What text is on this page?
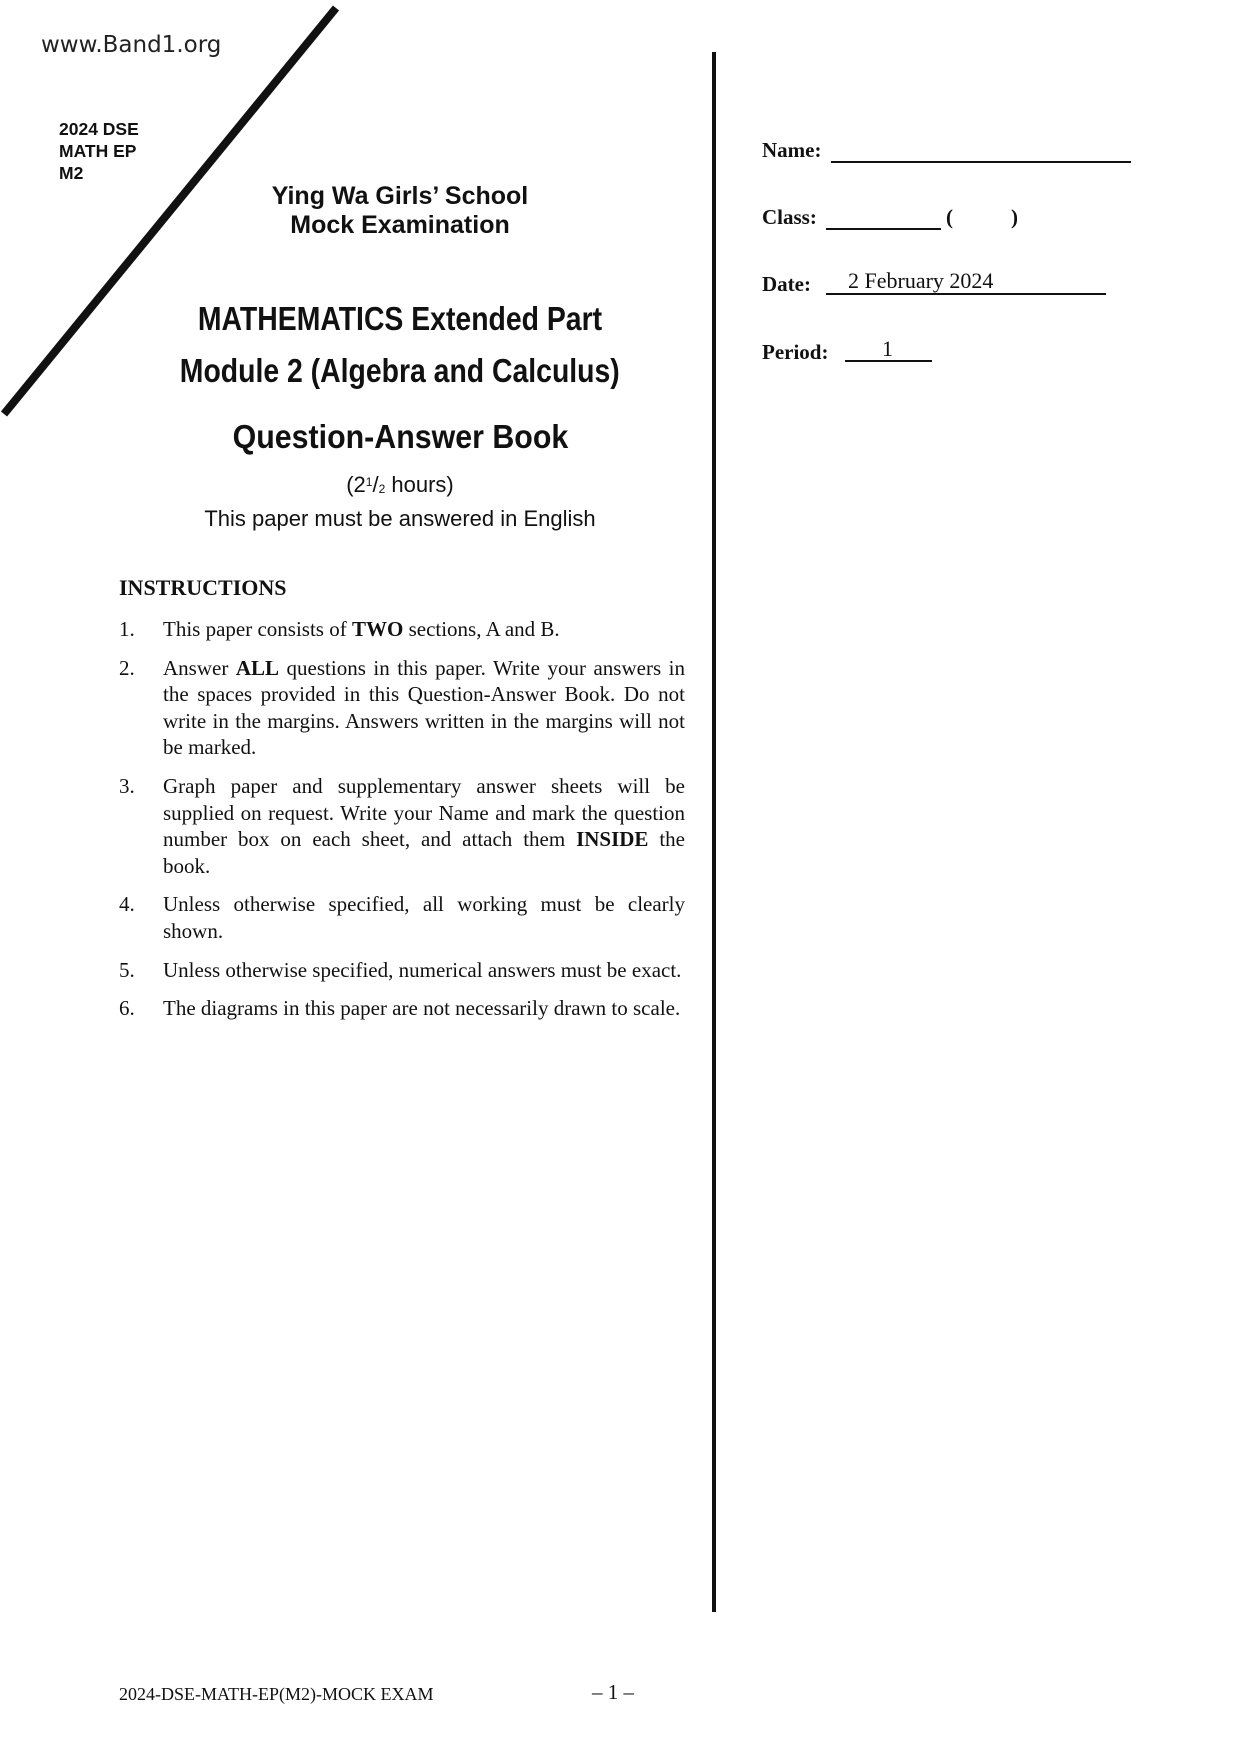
www.Band1.org
2024 DSE
MATH EP
M2
Ying Wa Girls’ School
Mock Examination
MATHEMATICS Extended Part
Module 2 (Algebra and Calculus)
Question-Answer Book
($2^1/_2$ hours)
This paper must be answered in English
INSTRUCTIONS
1.	This paper consists of TWO sections, A and B.
2.	Answer ALL questions in this paper. Write your answers in the spaces provided in this Question-Answer Book. Do not write in the margins. Answers written in the margins will not be marked.
3.	Graph paper and supplementary answer sheets will be supplied on request. Write your Name and mark the question number box on each sheet, and attach them INSIDE the book.
4.	Unless otherwise specified, all working must be clearly shown.
5.	Unless otherwise specified, numerical answers must be exact.
6.	The diagrams in this paper are not necessarily drawn to scale.
Name:
Class:	(	)
Date: 2 February 2024
Period: 1
2024-DSE-MATH-EP(M2)-MOCK EXAM	– 1 –
